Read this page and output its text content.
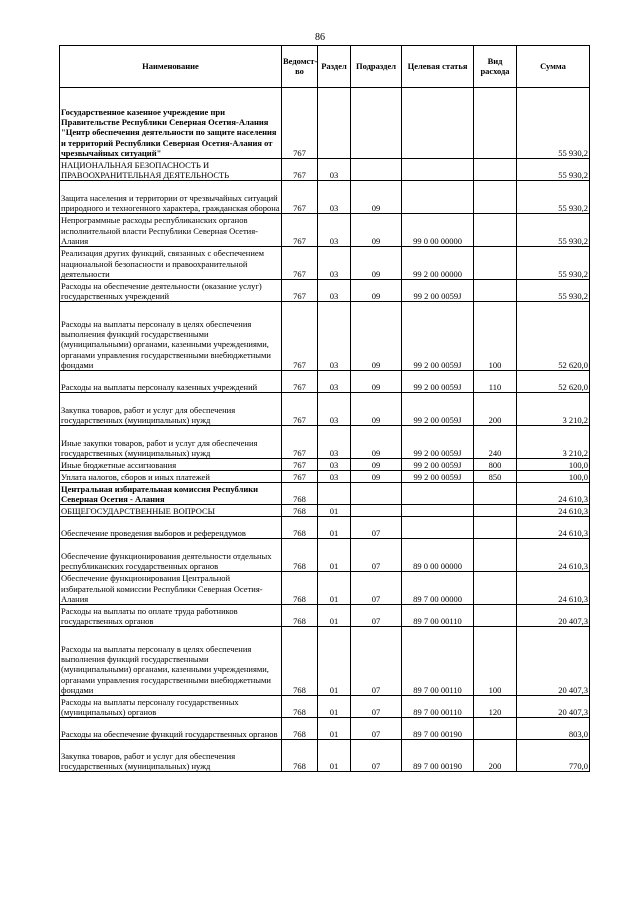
86
Наименование	Ведомст-во	Раздел	Подраздел	Целевая статья	Вид расхода	Сумма
Государственное казенное учреждение при Правительстве Республики Северная Осетия-Алания "Центр обеспечения деятельности по защите населения и территорий Республики Северная Осетия-Алания от чрезвычайных ситуаций"	767					55 930,2
НАЦИОНАЛЬНАЯ БЕЗОПАСНОСТЬ И ПРАВООХРАНИТЕЛЬНАЯ ДЕЯТЕЛЬНОСТЬ	767	03				55 930,2
Защита населения и территории от чрезвычайных ситуаций природного и техногенного характера, гражданская оборона	767	03	09			55 930,2
Непрограммные расходы республиканских органов исполнительной власти Республики Северная Осетия-Алания	767	03	09	99 0 00 00000		55 930,2
Реализация других функций, связанных с обеспечением национальной безопасности и правоохранительной деятельности	767	03	09	99 2 00 00000		55 930,2
Расходы на обеспечение деятельности (оказание услуг) государственных учреждений	767	03	09	99 2 00 0059J		55 930,2
Расходы на выплаты персоналу в целях обеспечения выполнения функций государственными (муниципальными) органами, казенными учреждениями, органами управления государственными внебюджетными фондами	767	03	09	99 2 00 0059J	100	52 620,0
Расходы на выплаты персоналу казенных учреждений	767	03	09	99 2 00 0059J	110	52 620,0
Закупка товаров, работ и услуг для обеспечения государственных (муниципальных) нужд	767	03	09	99 2 00 0059J	200	3 210,2
Иные закупки товаров, работ и услуг для обеспечения государственных (муниципальных) нужд	767	03	09	99 2 00 0059J	240	3 210,2
Иные бюджетные ассигнования	767	03	09	99 2 00 0059J	800	100,0
Уплата налогов, сборов и иных платежей	767	03	09	99 2 00 0059J	850	100,0
Центральная избирательная комиссия Республики Северная Осетия - Алания	768					24 610,3
ОБЩЕГОСУДАРСТВЕННЫЕ ВОПРОСЫ	768	01				24 610,3
Обеспечение проведения выборов и референдумов	768	01	07			24 610,3
Обеспечение функционирования деятельности отдельных республиканских государственных органов	768	01	07	89 0 00 00000		24 610,3
Обеспечение функционирования Центральной избирательной комиссии Республики Северная Осетия-Алания	768	01	07	89 7 00 00000		24 610,3
Расходы на выплаты по оплате труда работников государственных органов	768	01	07	89 7 00 00110		20 407,3
Расходы на выплаты персоналу в целях обеспечения выполнения функций государственными (муниципальными) органами, казенными учреждениями, органами управления государственными внебюджетными фондами	768	01	07	89 7 00 00110	100	20 407,3
Расходы на выплаты персоналу государственных (муниципальных) органов	768	01	07	89 7 00 00110	120	20 407,3
Расходы на обеспечение функций государственных органов	768	01	07	89 7 00 00190		803,0
Закупка товаров, работ и услуг для обеспечения государственных (муниципальных) нужд	768	01	07	89 7 00 00190	200	770,0
